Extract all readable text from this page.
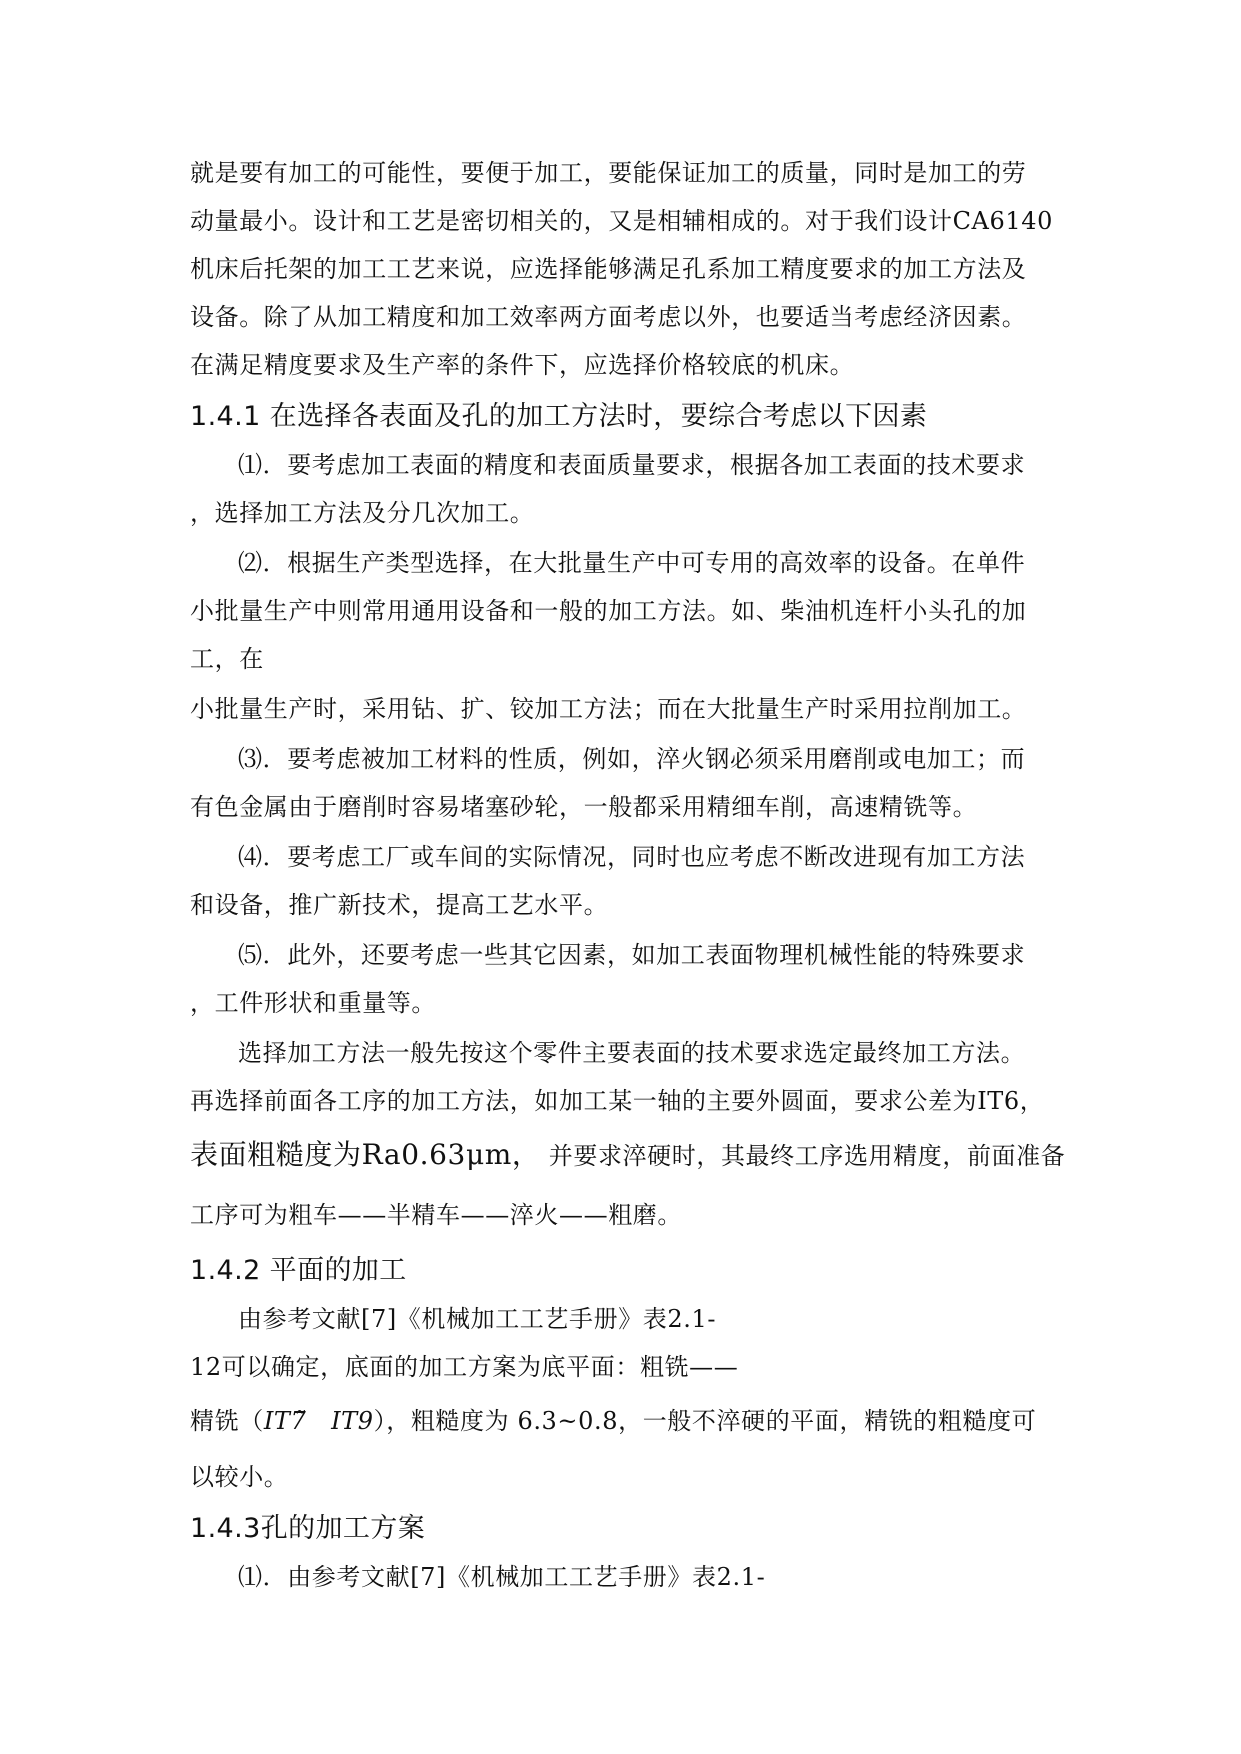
就是要有加工的可能性，要便于加工，要能保证加工的质量，同时是加工的劳
动量最小。设计和工艺是密切相关的，又是相辅相成的。对于我们设计CA6140
机床后托架的加工工艺来说，应选择能够满足孔系加工精度要求的加工方法及
设备。除了从加工精度和加工效率两方面考虑以外，也要适当考虑经济因素。
在满足精度要求及生产率的条件下，应选择价格较底的机床。
1.4.1 在选择各表面及孔的加工方法时，要综合考虑以下因素
⑴．要考虑加工表面的精度和表面质量要求，根据各加工表面的技术要求
，选择加工方法及分几次加工。
⑵．根据生产类型选择，在大批量生产中可专用的高效率的设备。在单件
小批量生产中则常用通用设备和一般的加工方法。如、柴油机连杆小头孔的加
工，在
小批量生产时，采用钻、扩、铰加工方法；而在大批量生产时采用拉削加工。
⑶．要考虑被加工材料的性质，例如，淬火钢必须采用磨削或电加工；而
有色金属由于磨削时容易堵塞砂轮，一般都采用精细车削，高速精铣等。
⑷．要考虑工厂或车间的实际情况，同时也应考虑不断改进现有加工方法
和设备，推广新技术，提高工艺水平。
⑸．此外，还要考虑一些其它因素，如加工表面物理机械性能的特殊要求
，工件形状和重量等。
选择加工方法一般先按这个零件主要表面的技术要求选定最终加工方法。
再选择前面各工序的加工方法，如加工某一轴的主要外圆面，要求公差为IT6，
表面粗糙度为Ra0.63μm， 并要求淬硬时，其最终工序选用精度，前面准备
工序可为粗车——半精车——淬火——粗磨。
1.4.2 平面的加工
由参考文献[7]《机械加工工艺手册》表2.1-
12可以确定，底面的加工方案为底平面：粗铣——
精铣（IT7̃ IT9），粗糙度为 6.3~0.8，一般不淬硬的平面，精铣的粗糙度可
以较小。
1.4.3孔的加工方案
⑴．由参考文献[7]《机械加工工艺手册》表2.1-
